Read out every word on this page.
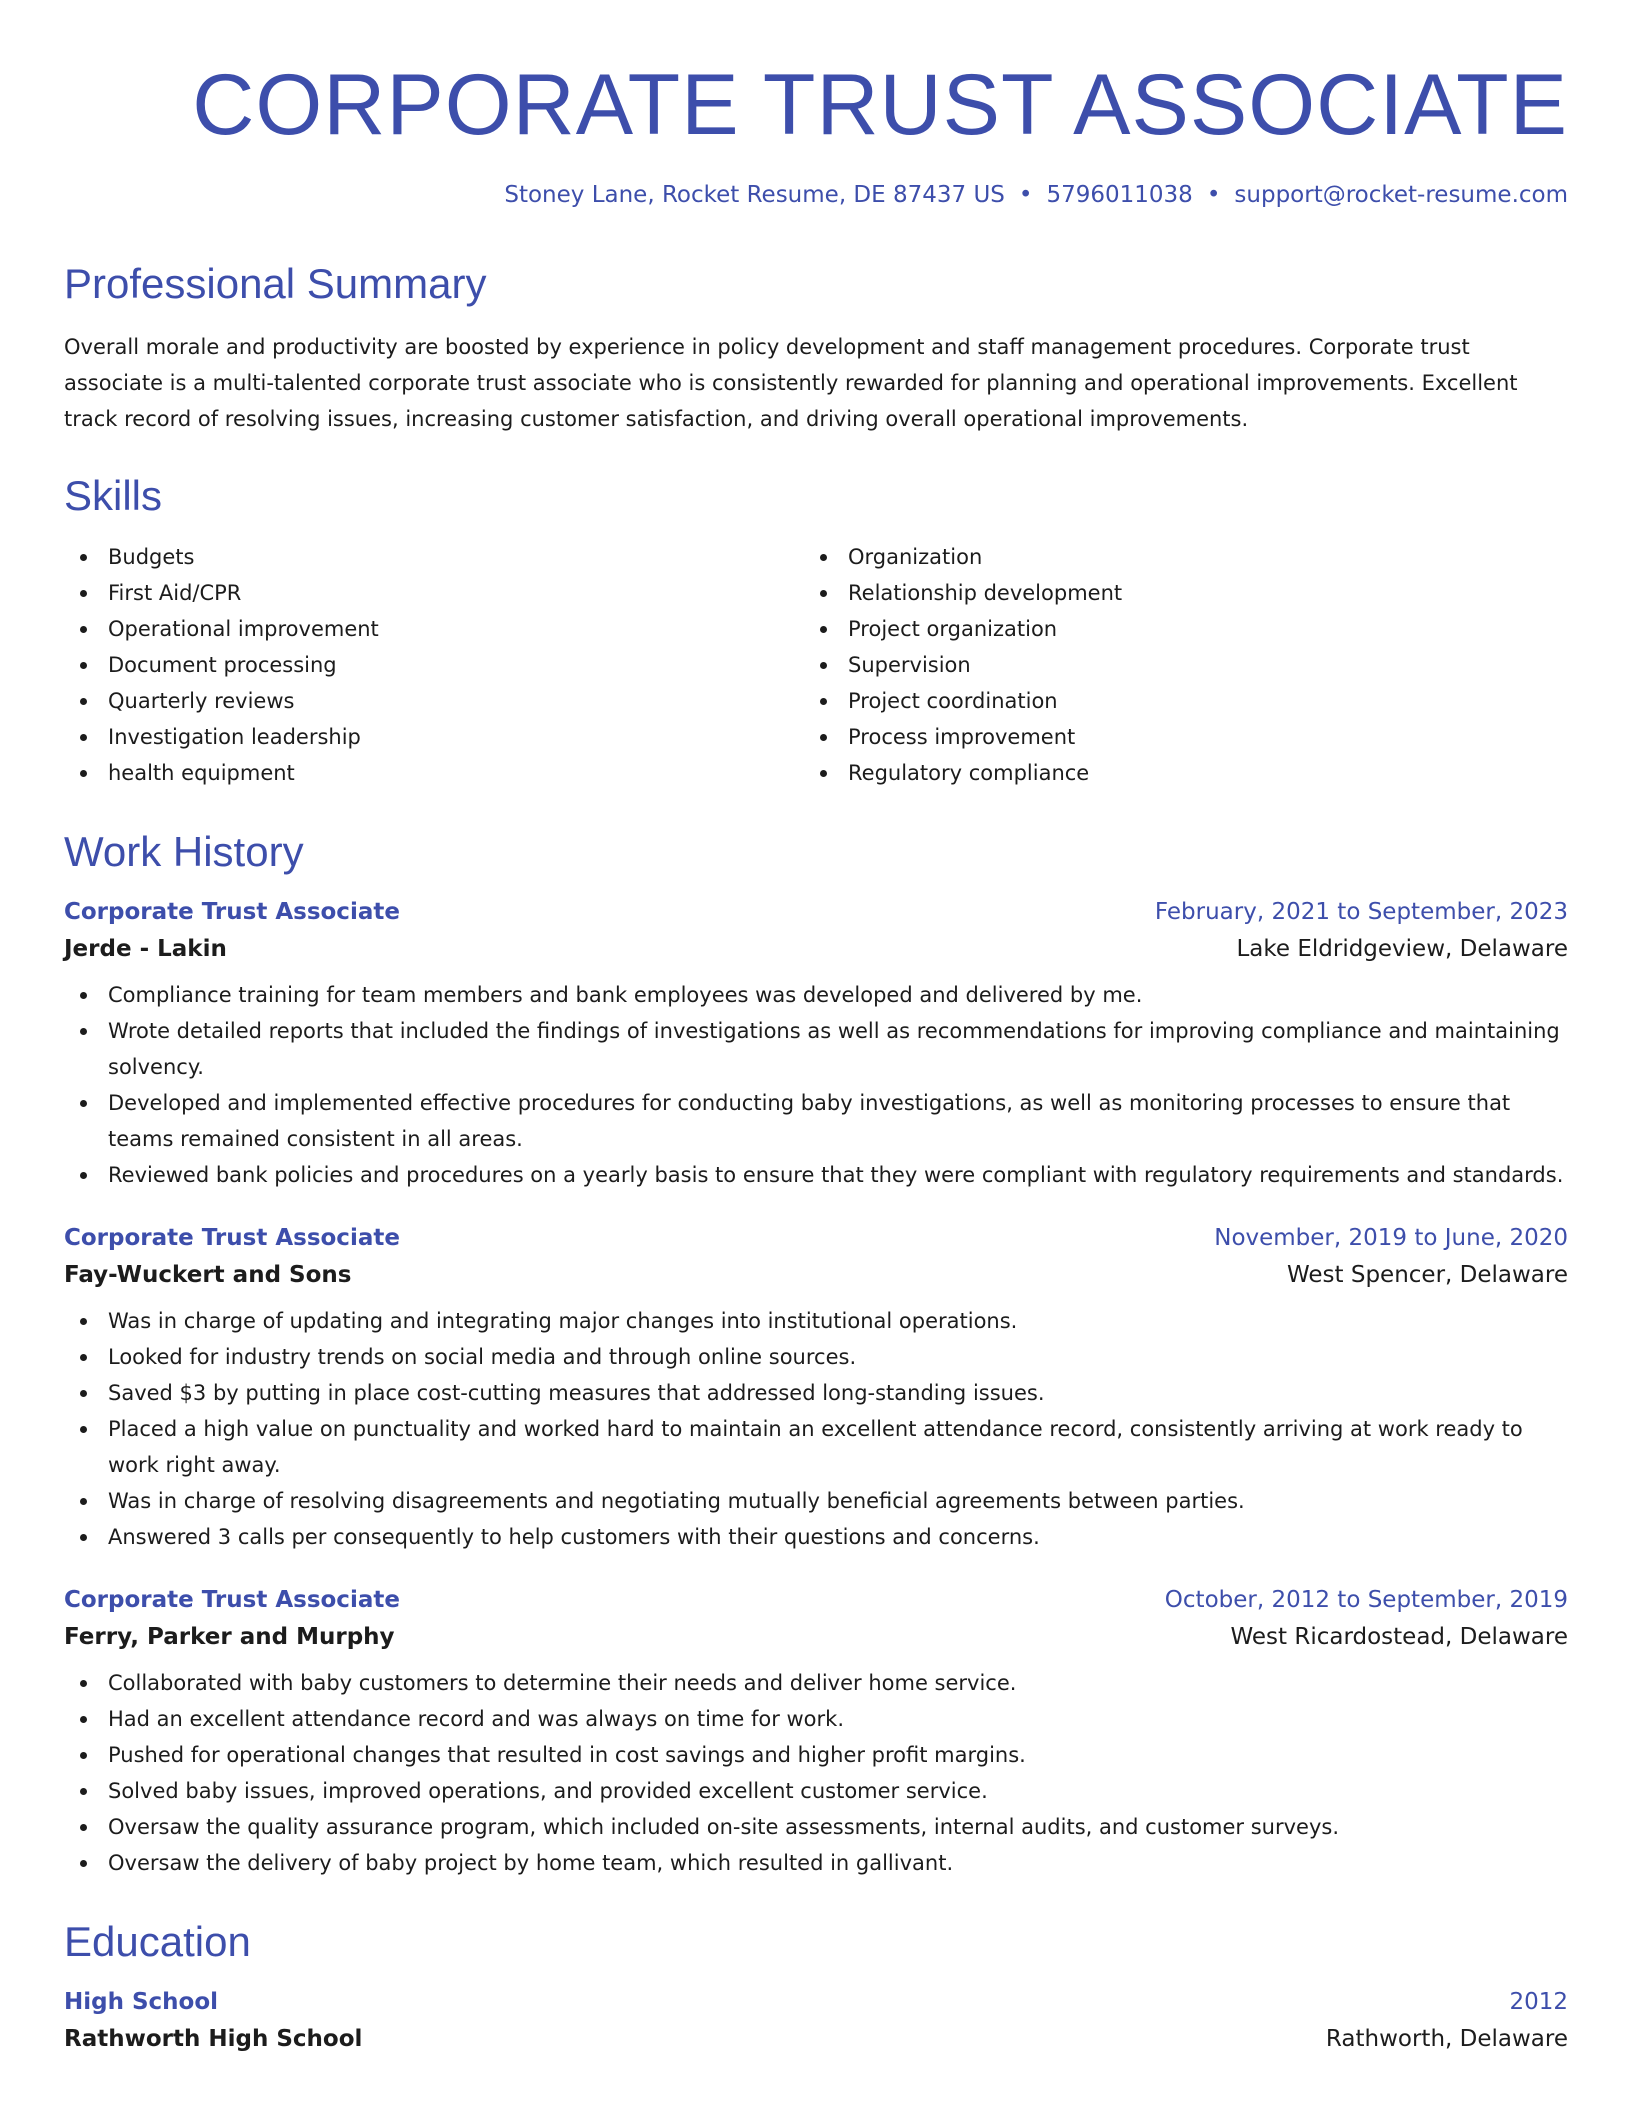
CORPORATE TRUST ASSOCIATE
Stoney Lane, Rocket Resume, DE 87437 US • 5796011038 • support@rocket-resume.com
Professional Summary
Overall morale and productivity are boosted by experience in policy development and staff management procedures. Corporate trust associate is a multi-talented corporate trust associate who is consistently rewarded for planning and operational improvements. Excellent track record of resolving issues, increasing customer satisfaction, and driving overall operational improvements.
Skills
Budgets
First Aid/CPR
Operational improvement
Document processing
Quarterly reviews
Investigation leadership
health equipment
Organization
Relationship development
Project organization
Supervision
Project coordination
Process improvement
Regulatory compliance
Work History
Corporate Trust Associate	February, 2021 to September, 2023
Jerde - Lakin	Lake Eldridgeview, Delaware
Compliance training for team members and bank employees was developed and delivered by me.
Wrote detailed reports that included the findings of investigations as well as recommendations for improving compliance and maintaining solvency.
Developed and implemented effective procedures for conducting baby investigations, as well as monitoring processes to ensure that teams remained consistent in all areas.
Reviewed bank policies and procedures on a yearly basis to ensure that they were compliant with regulatory requirements and standards.
Corporate Trust Associate	November, 2019 to June, 2020
Fay-Wuckert and Sons	West Spencer, Delaware
Was in charge of updating and integrating major changes into institutional operations.
Looked for industry trends on social media and through online sources.
Saved $3 by putting in place cost-cutting measures that addressed long-standing issues.
Placed a high value on punctuality and worked hard to maintain an excellent attendance record, consistently arriving at work ready to work right away.
Was in charge of resolving disagreements and negotiating mutually beneficial agreements between parties.
Answered 3 calls per consequently to help customers with their questions and concerns.
Corporate Trust Associate	October, 2012 to September, 2019
Ferry, Parker and Murphy	West Ricardostead, Delaware
Collaborated with baby customers to determine their needs and deliver home service.
Had an excellent attendance record and was always on time for work.
Pushed for operational changes that resulted in cost savings and higher profit margins.
Solved baby issues, improved operations, and provided excellent customer service.
Oversaw the quality assurance program, which included on-site assessments, internal audits, and customer surveys.
Oversaw the delivery of baby project by home team, which resulted in gallivant.
Education
High School	2012
Rathworth High School	Rathworth, Delaware
